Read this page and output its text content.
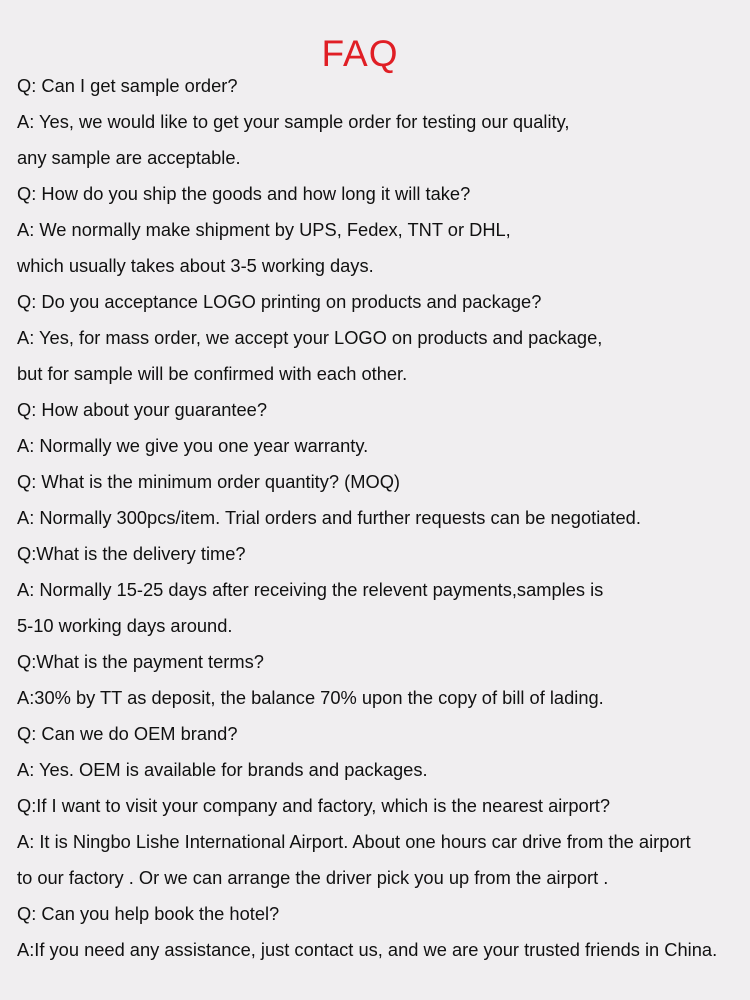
FAQ
Q: Can I get sample order?
A: Yes, we would like to get your sample order for testing our quality,
any sample are acceptable.
Q: How do you ship the goods and how long it will take?
A: We normally make shipment by UPS, Fedex, TNT or DHL,
which usually takes about 3-5 working days.
Q: Do you acceptance LOGO printing on products and package?
A: Yes, for mass order, we accept your LOGO on products and package,
but for sample will be confirmed with each other.
Q: How about your guarantee?
A: Normally we give you one year warranty.
Q: What is the minimum order quantity? (MOQ)
A: Normally 300pcs/item. Trial orders and further requests can be negotiated.
Q:What is the delivery time?
A: Normally 15-25 days after receiving the relevent payments,samples is
5-10 working days around.
Q:What is the payment terms?
A:30% by TT as deposit, the balance 70% upon the copy of bill of lading.
Q: Can we do OEM brand?
A: Yes. OEM is available for brands and packages.
Q:If I want to visit your company and factory, which is the nearest airport?
A: It is Ningbo Lishe International Airport. About one hours car drive from the airport
to our factory . Or we can arrange the driver pick you up from the airport .
Q: Can you help book the hotel?
A:If you need any assistance, just contact us, and we are your trusted friends in China.
